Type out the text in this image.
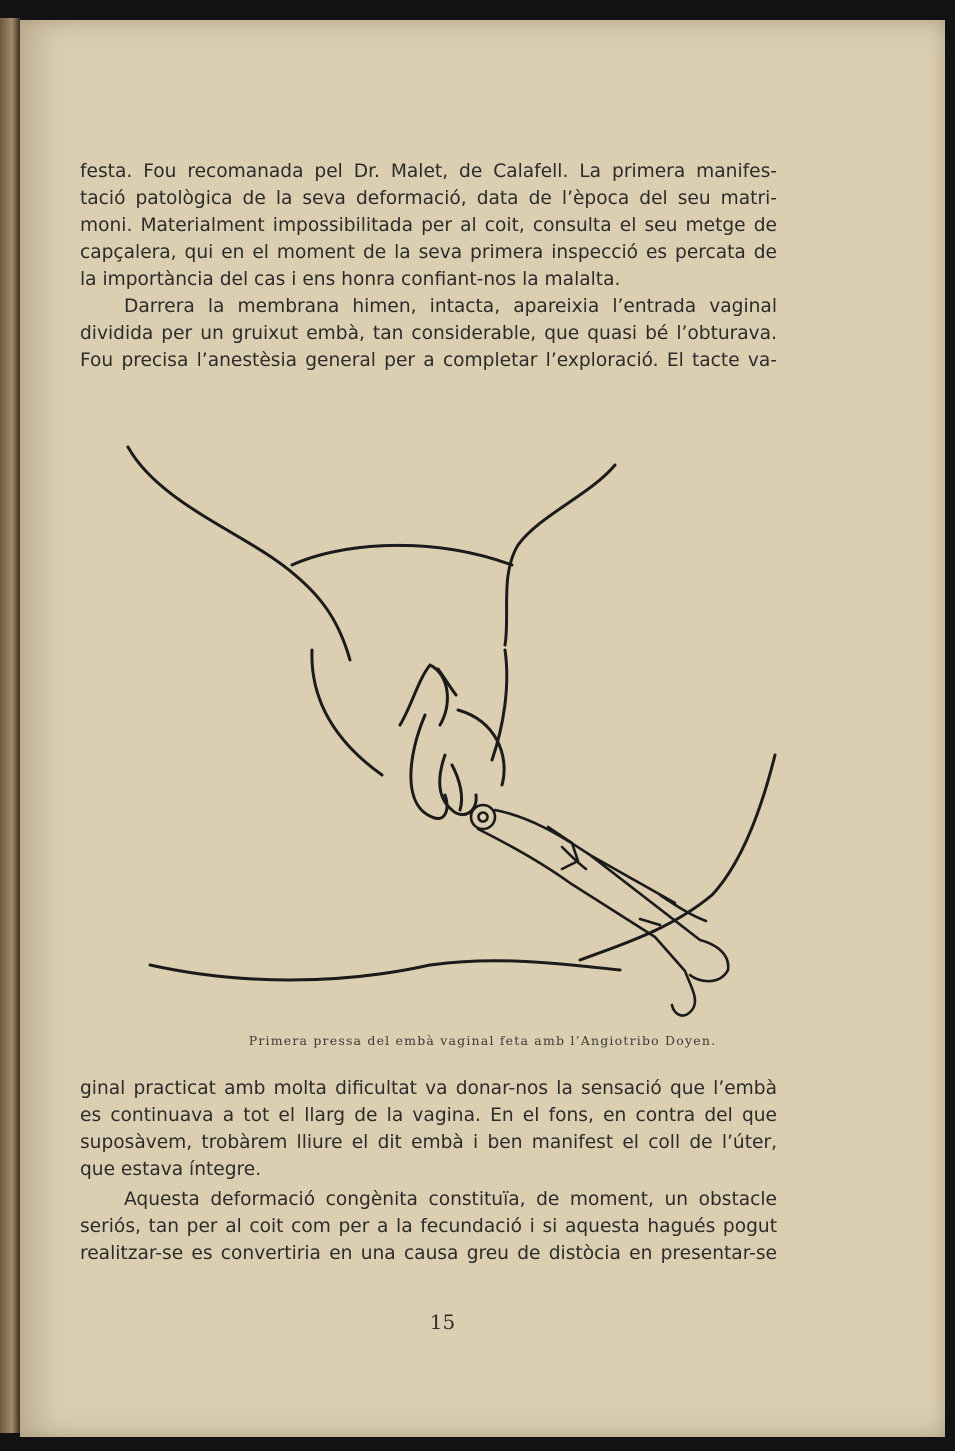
festa. Fou recomanada pel Dr. Malet, de Calafell. La primera manifes-
tació patològica de la seva deformació, data de l’època del seu matri-
moni. Materialment impossibilitada per al coit, consulta el seu metge de
capçalera, qui en el moment de la seva primera inspecció es percata de
la importància del cas i ens honra confiant-nos la malalta.
Darrera la membrana himen, intacta, apareixia l’entrada vaginal
dividida per un gruixut embà, tan considerable, que quasi bé l’obturava.
Fou precisa l’anestèsia general per a completar l’exploració. El tacte va-
Primera pressa del embà vaginal feta amb l’Angiotribo Doyen.
ginal practicat amb molta dificultat va donar-nos la sensació que l’embà
es continuava a tot el llarg de la vagina. En el fons, en contra del que
suposàvem, trobàrem lliure el dit embà i ben manifest el coll de l’úter,
que estava íntegre.
Aquesta deformació congènita constituïa, de moment, un obstacle
seriós, tan per al coit com per a la fecundació i si aquesta hagués pogut
realitzar-se es convertiria en una causa greu de distòcia en presentar-se
15
